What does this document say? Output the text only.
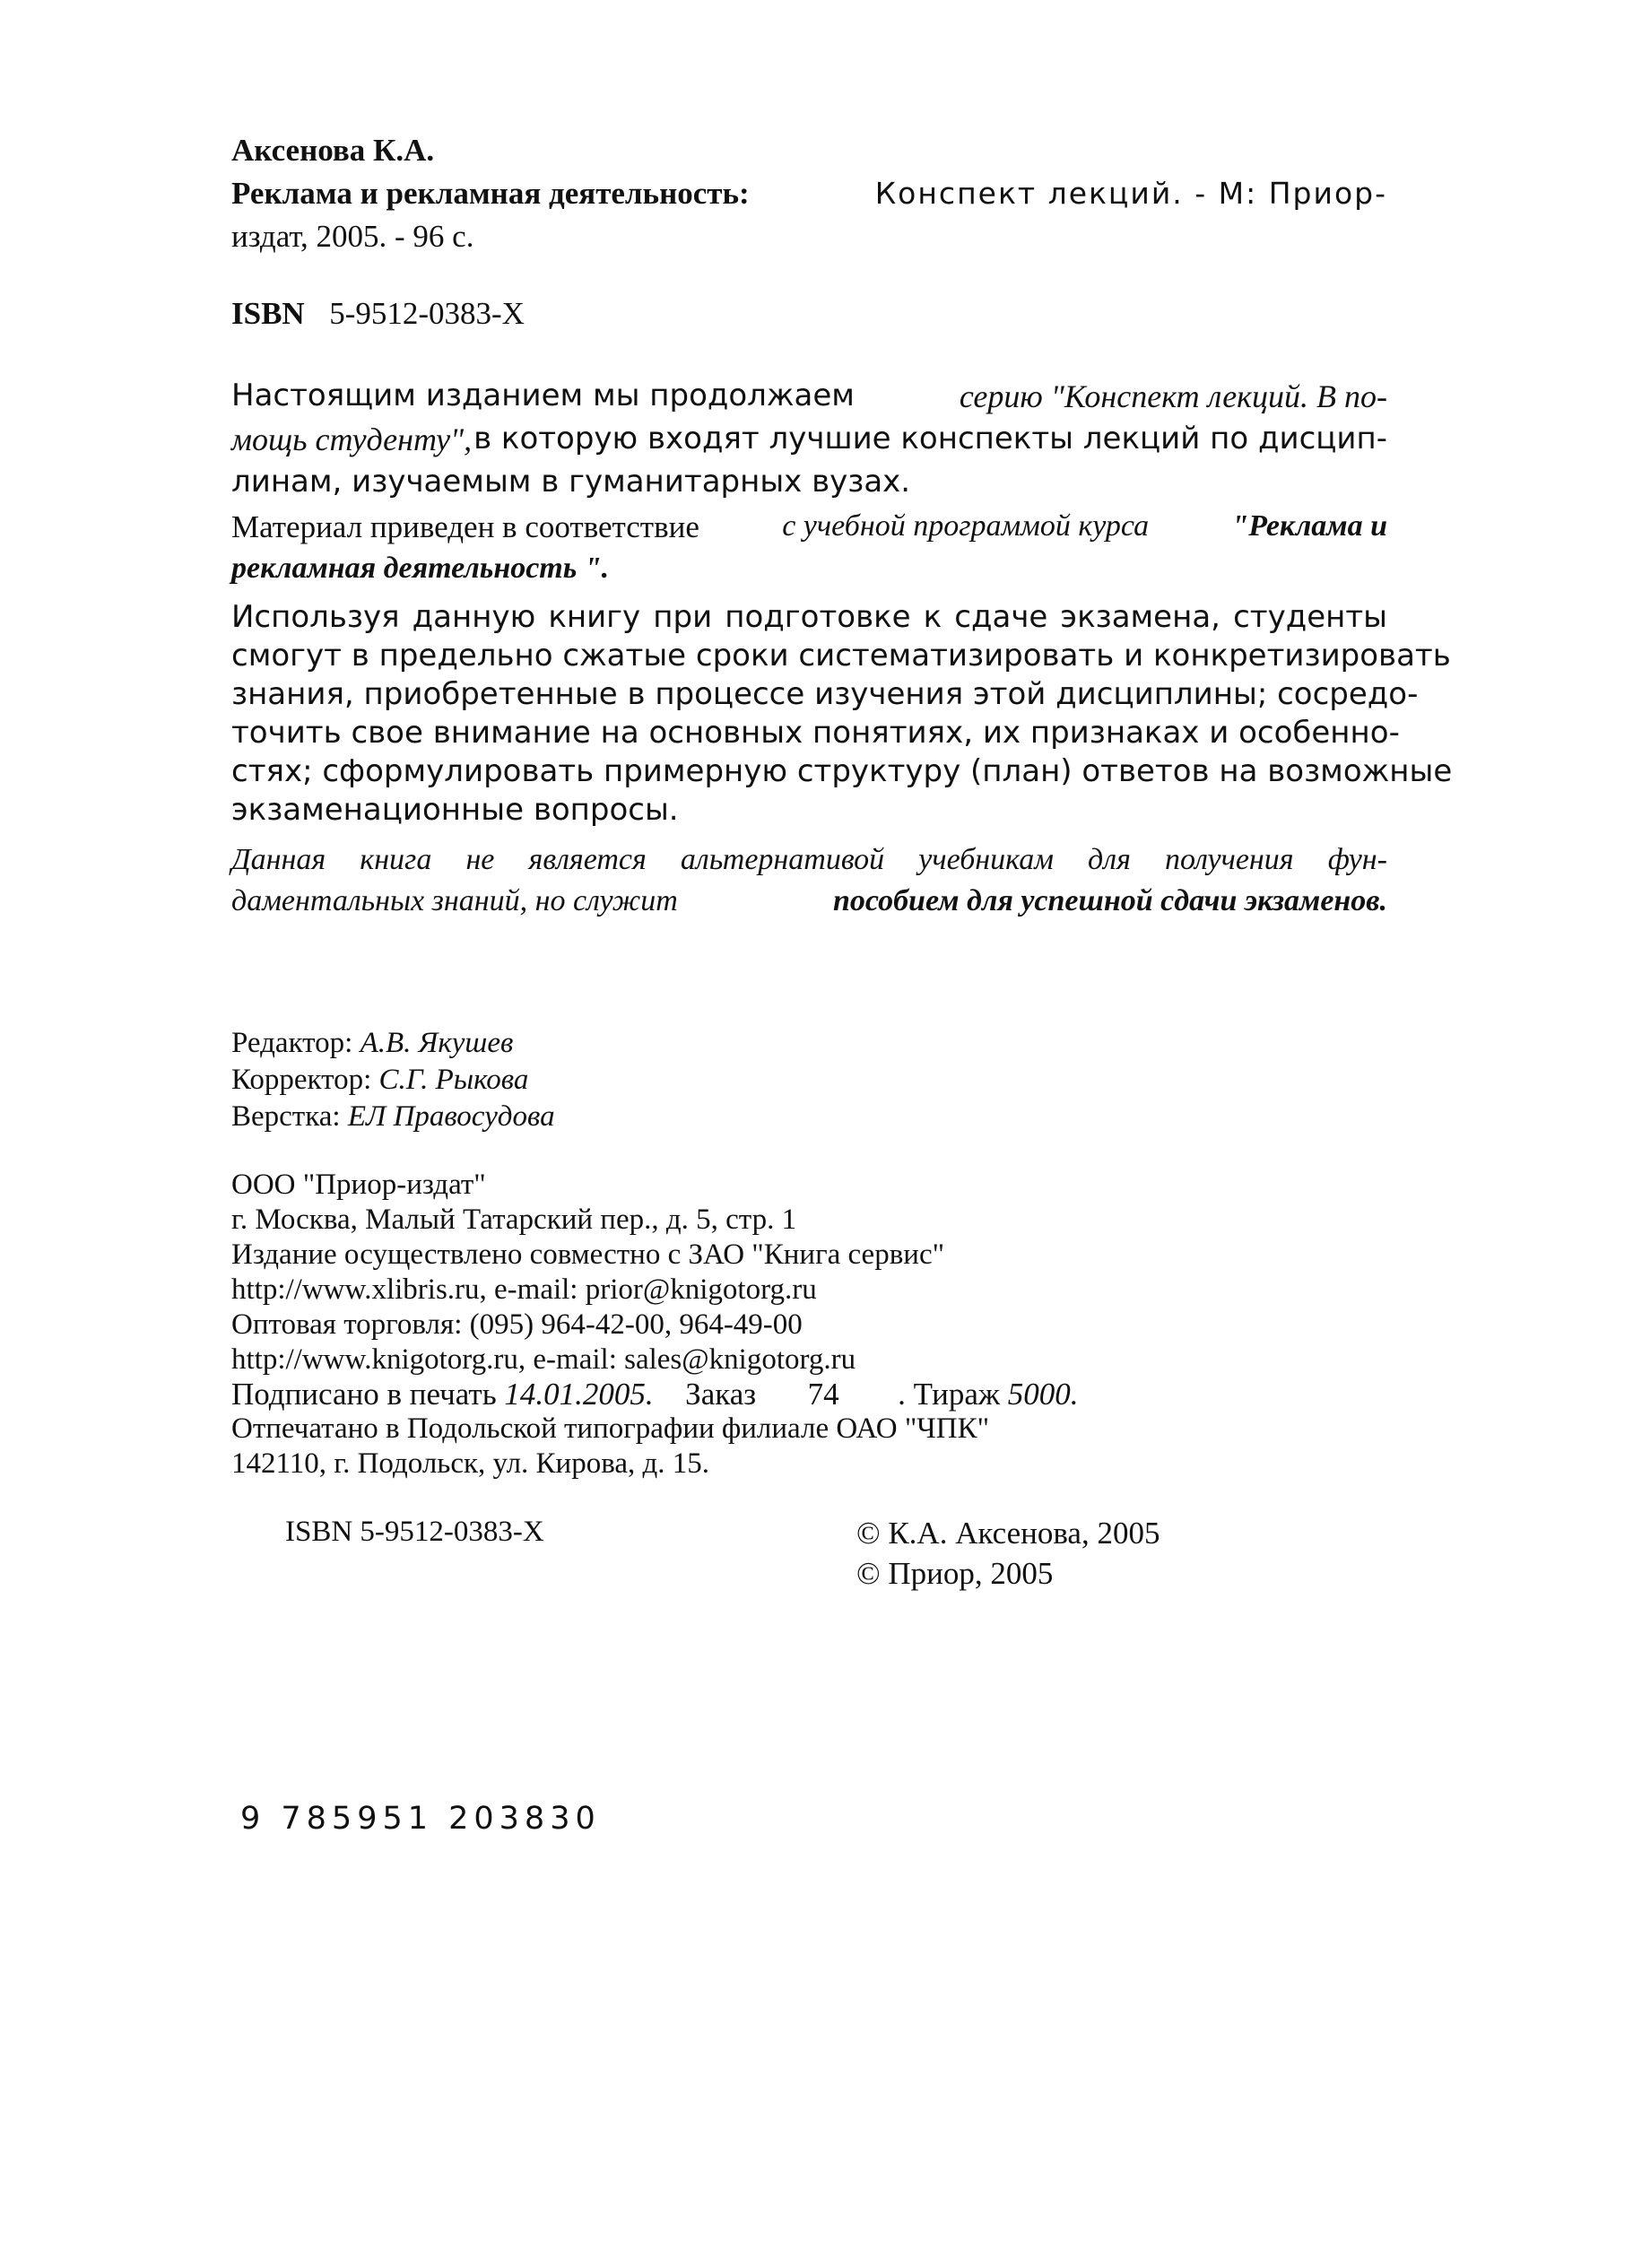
Аксенова К.А.
Реклама и рекламная деятельность:	Конспект лекций. - М: Приор-
издат, 2005. - 96 с.
ISBN 5-9512-0383-X
Настоящим изданием мы продолжаем	серию "Конспект лекций. В по-
мощь студенту", в которую входят лучшие конспекты лекций по дисцип-
линам, изучаемым в гуманитарных вузах.
Материал приведен в соответствие	с учебной программой курса	"Реклама и
рекламная деятельность ".
Используя данную книгу при подготовке к сдаче экзамена, студенты
смогут в предельно сжатые сроки систематизировать и конкретизировать
знания, приобретенные в процессе изучения этой дисциплины; сосредо-
точить свое внимание на основных понятиях, их признаках и особенно-
стях; сформулировать примерную структуру (план) ответов на возможные
экзаменационные вопросы.
Данная книга не является альтернативой учебникам для получения фун-
даментальных знаний, но служит	пособием для успешной сдачи экзаменов.
Редактор: А.В. Якушев
Корректор: С.Г. Рыкова
Верстка: ЕЛ Правосудова
ООО "Приор-издат"
г. Москва, Малый Татарский пер., д. 5, стр. 1
Издание осуществлено совместно с ЗАО "Книга сервис"
http://www.xlibris.ru, e-mail: prior@knigotorg.ru
Оптовая торговля: (095) 964-42-00, 964-49-00
http://www.knigotorg.ru, e-mail: sales@knigotorg.ru
Подписано в печать 14.01.2005. Заказ 74 . Тираж 5000.
Отпечатано в Подольской типографии филиале ОАО "ЧПК"
142110, г. Подольск, ул. Кирова, д. 15.
ISBN 5-9512-0383-X	© К.А. Аксенова, 2005
© Приор, 2005
9 785951 203830
